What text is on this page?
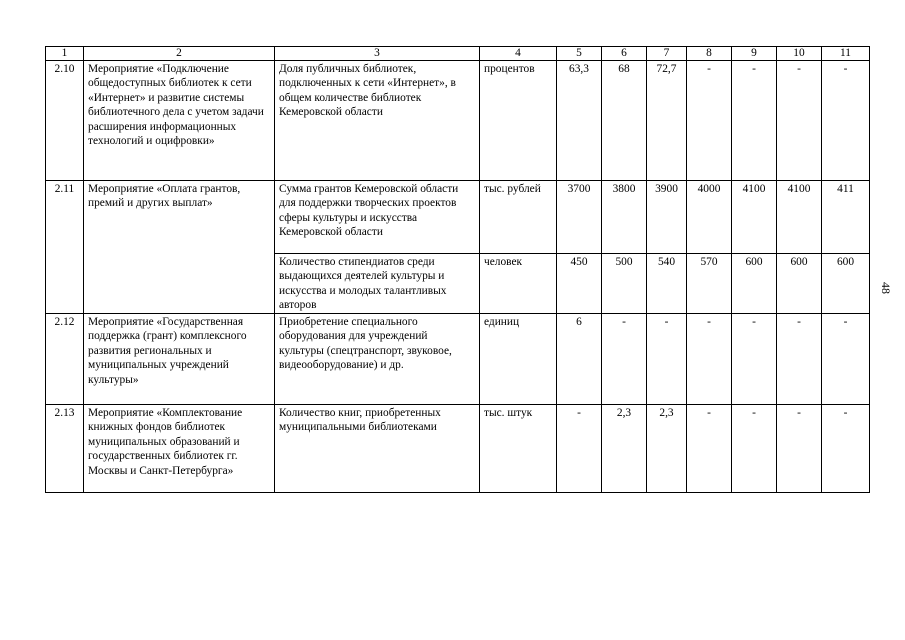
1	2	3	4	5	6	7	8	9	10	11
2.10	Мероприятие «Подключение общедоступных библиотек к сети «Интернет» и развитие системы библиотечного дела с учетом задачи расширения информационных технологий и оцифровки»	Доля публичных библиотек, подключенных к сети «Интернет», в общем количестве библиотек Кемеровской области	процентов	63,3	68	72,7	-	-	-	-
2.11	Мероприятие «Оплата грантов, премий и других выплат»	Сумма грантов Кемеровской области для поддержки творческих проектов сферы культуры и искусства Кемеровской области	тыс. рублей	3700	3800	3900	4000	4100	4100	411
		Количество стипендиатов среди выдающихся деятелей культуры и искусства и молодых талантливых авторов	человек	450	500	540	570	600	600	600
2.12	Мероприятие «Государственная поддержка (грант) комплексного развития региональных и муниципальных учреждений культуры»	Приобретение специального оборудования для учреждений культуры (спецтранспорт, звуковое, видеооборудование) и др.	единиц	6	-	-	-	-	-	-
2.13	Мероприятие «Комплектование книжных фондов библиотек муниципальных образований и государственных библиотек гг. Москвы и Санкт-Петербурга»	Количество книг, приобретенных муниципальными библиотеками	тыс. штук	-	2,3	2,3	-	-	-	-
48
